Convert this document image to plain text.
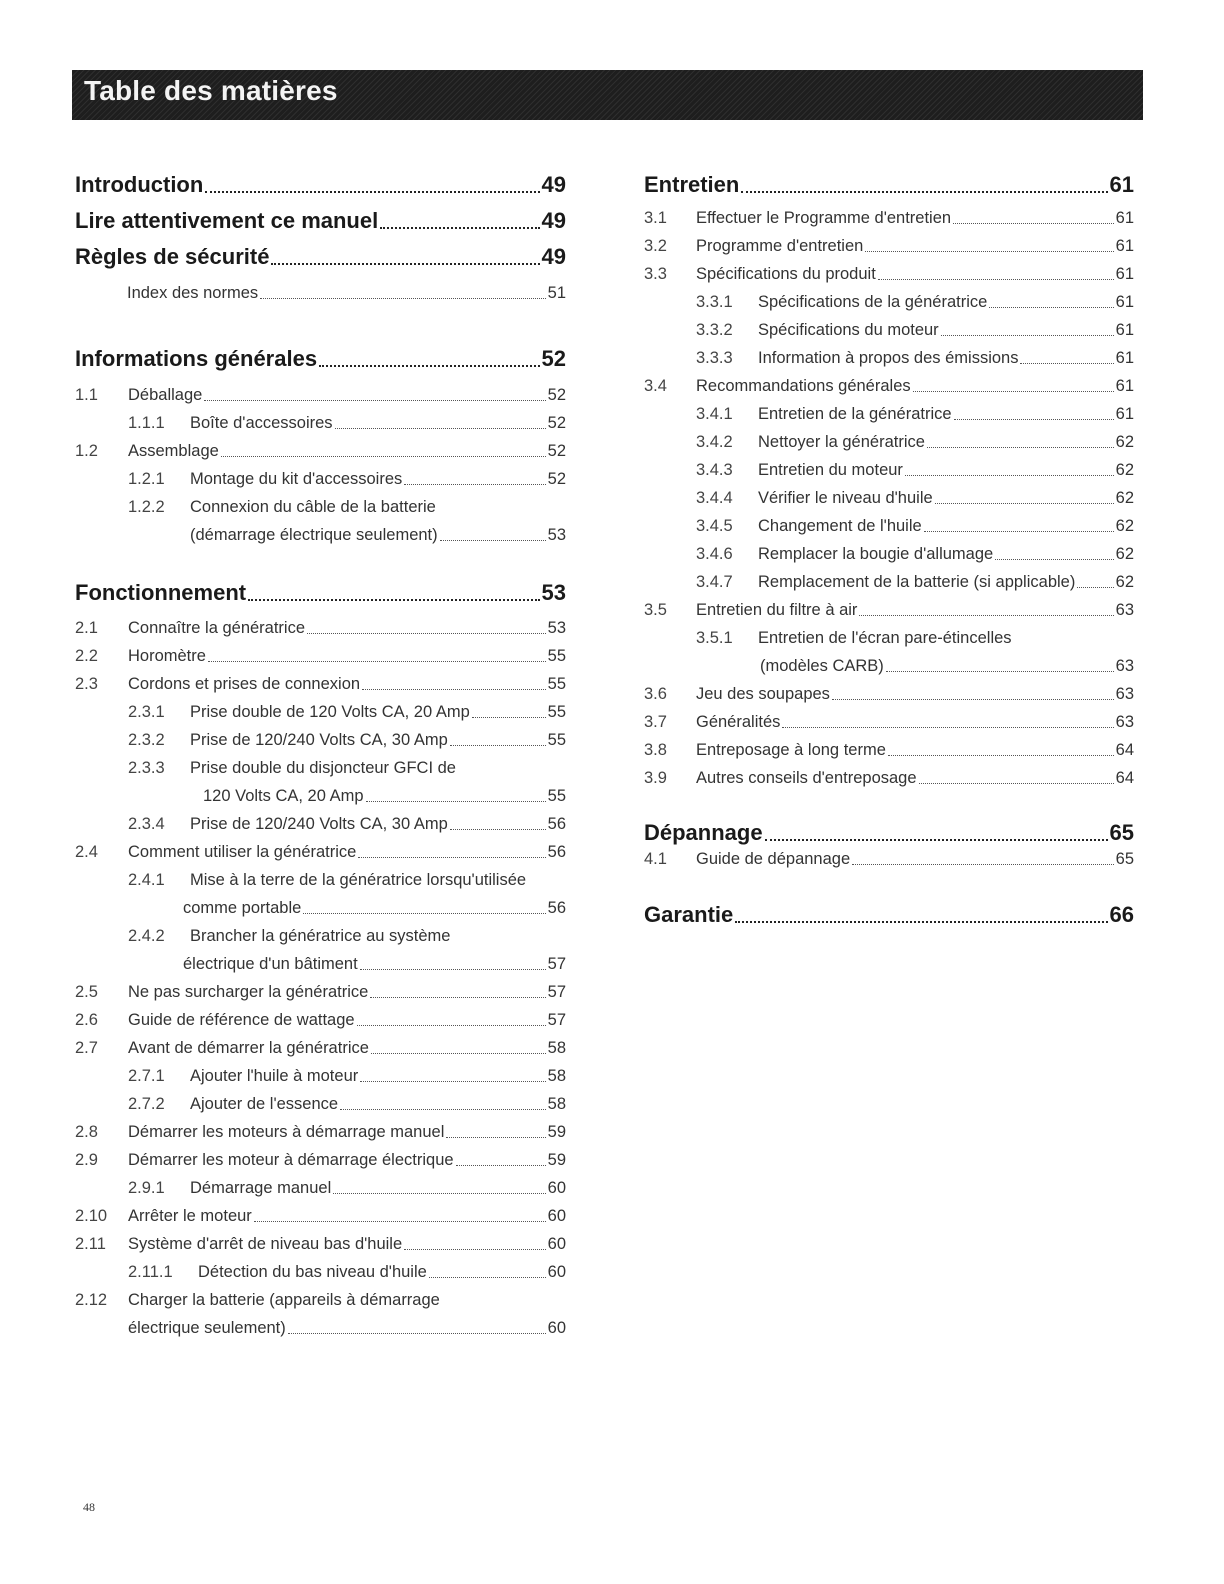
Table des matières
Introduction	49
Lire attentivement ce manuel	49
Règles de sécurité	49
Index des normes	51
Informations générales	52
1.1	Déballage	52
1.1.1	Boîte d'accessoires	52
1.2	Assemblage	52
1.2.1	Montage du kit d'accessoires	52
1.2.2	Connexion du câble de la batterie
(démarrage électrique seulement)	53
Fonctionnement	53
2.1	Connaître la génératrice	53
2.2	Horomètre	55
2.3	Cordons et prises de connexion	55
2.3.1	Prise double de 120 Volts CA, 20 Amp	55
2.3.2	Prise de 120/240 Volts CA, 30 Amp	55
2.3.3	Prise double du disjoncteur GFCI de
120 Volts CA, 20 Amp	55
2.3.4	Prise de 120/240 Volts CA, 30 Amp	56
2.4	Comment utiliser la génératrice	56
2.4.1	Mise à la terre de la génératrice lorsqu'utilisée
comme portable	56
2.4.2	Brancher la génératrice au système
électrique d'un bâtiment	57
2.5	Ne pas surcharger la génératrice	57
2.6	Guide de référence de wattage	57
2.7	Avant de démarrer la génératrice	58
2.7.1	Ajouter l'huile à moteur	58
2.7.2	Ajouter de l'essence	58
2.8	Démarrer les moteurs à démarrage manuel	59
2.9	Démarrer les moteur à démarrage électrique	59
2.9.1	Démarrage manuel	60
2.10	Arrêter le moteur	60
2.11	Système d'arrêt de niveau bas d'huile	60
2.11.1	Détection du bas niveau d'huile	60
2.12	Charger la batterie (appareils à démarrage
électrique seulement)	60
Entretien	61
3.1	Effectuer le Programme d'entretien	61
3.2	Programme d'entretien	61
3.3	Spécifications du produit	61
3.3.1	Spécifications de la génératrice	61
3.3.2	Spécifications du moteur	61
3.3.3	Information à propos des émissions	61
3.4	Recommandations générales	61
3.4.1	Entretien de la génératrice	61
3.4.2	Nettoyer la génératrice	62
3.4.3	Entretien du moteur	62
3.4.4	Vérifier le niveau d'huile	62
3.4.5	Changement de l'huile	62
3.4.6	Remplacer la bougie d'allumage	62
3.4.7	Remplacement de la batterie (si applicable) 62
3.5	Entretien du filtre à air	63
3.5.1	Entretien de l'écran pare-étincelles
(modèles CARB)	63
3.6	Jeu des soupapes	63
3.7	Généralités	63
3.8	Entreposage à long terme	64
3.9	Autres conseils d'entreposage	64
Dépannage	65
4.1	Guide de dépannage	65
Garantie	66
48
